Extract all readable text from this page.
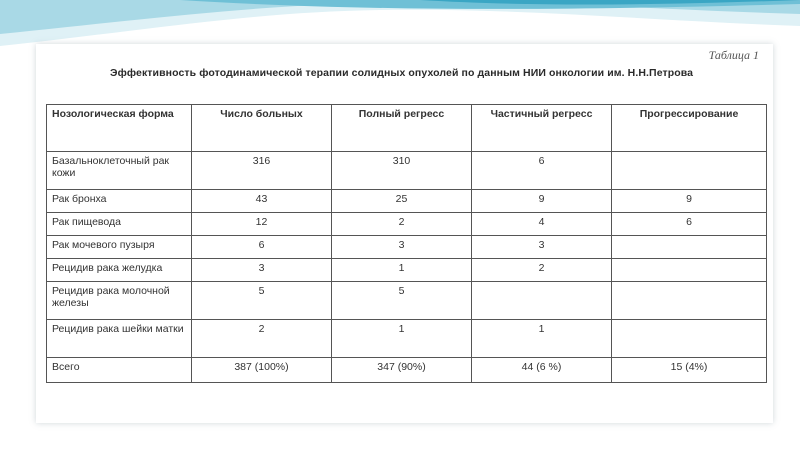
Таблица 1
Эффективность фотодинамической терапии солидных опухолей по данным НИИ онкологии им. Н.Н.Петрова
Нозологическая форма	Число больных	Полный регресс	Частичный регресс	Прогрессирование
Базальноклеточный рак кожи	316	310	6	
Рак бронха	43	25	9	9
Рак пищевода	12	2	4	6
Рак мочевого пузыря	6	3	3	
Рецидив рака желудка	3	1	2	
Рецидив рака молочной железы	5	5		
Рецидив рака шейки матки	2	1	1	
Всего	387 (100%)	347 (90%)	44 (6 %)	15 (4%)
